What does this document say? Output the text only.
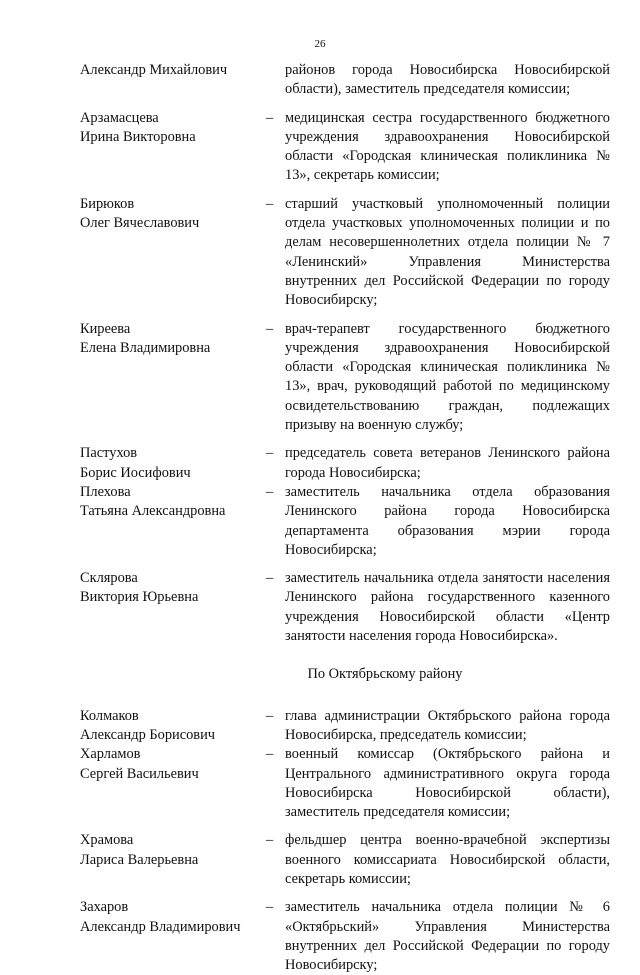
26
Александр Михайлович	районов города Новосибирска Новосибирской области), заместитель председателя комиссии;
Арзамасцева
Ирина Викторовна
– медицинская сестра государственного бюджетного учреждения здравоохранения Новосибирской области «Городская клиническая поликлиника № 13», секретарь комиссии;
Бирюков
Олег Вячеславович
– старший участковый уполномоченный полиции отдела участковых уполномоченных полиции и по делам несовершеннолетних отдела полиции № 7 «Ленинский» Управления Министерства внутренних дел Российской Федерации по городу Новосибирску;
Киреева
Елена Владимировна
– врач-терапевт государственного бюджетного учреждения здравоохранения Новосибирской области «Городская клиническая поликлиника № 13», врач, руководящий работой по медицинскому освидетельствованию граждан, подлежащих призыву на военную службу;
Пастухов
Борис Иосифович
– председатель совета ветеранов Ленинского района города Новосибирска;
Плехова
Татьяна Александровна
– заместитель начальника отдела образования Ленинского района города Новосибирска департамента образования мэрии города Новосибирска;
Склярова
Виктория Юрьевна
– заместитель начальника отдела занятости населения Ленинского района государственного казенного учреждения Новосибирской области «Центр занятости населения города Новосибирска».
По Октябрьскому району
Колмаков
Александр Борисович
– глава администрации Октябрьского района города Новосибирска, председатель комиссии;
Харламов
Сергей Васильевич
– военный комиссар (Октябрьского района и Центрального административного округа города Новосибирска Новосибирской области), заместитель председателя комиссии;
Храмова
Лариса Валерьевна
– фельдшер центра военно-врачебной экспертизы военного комиссариата Новосибирской области, секретарь комиссии;
Захаров
Александр Владимирович
– заместитель начальника отдела полиции № 6 «Октябрьский» Управления Министерства внутренних дел Российской Федерации по городу Новосибирску;
